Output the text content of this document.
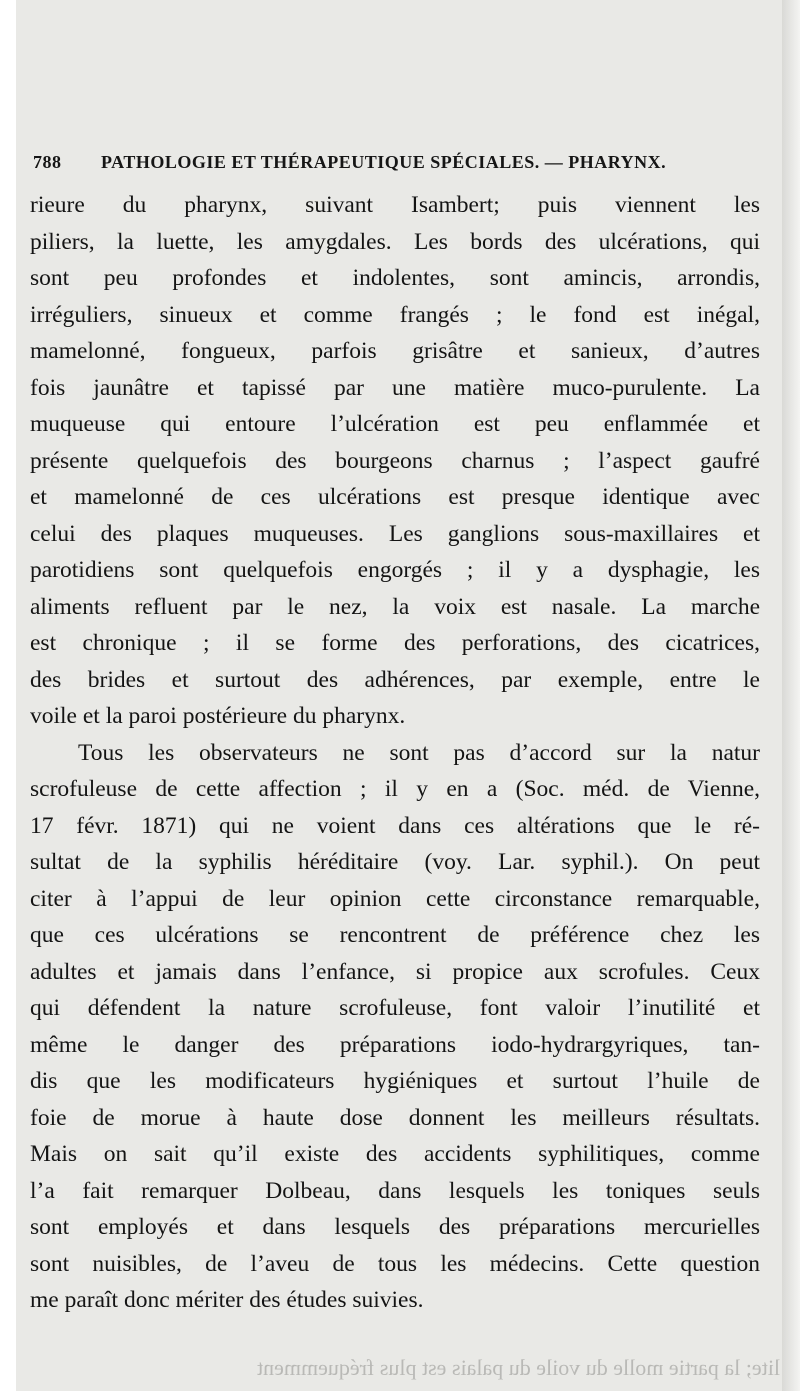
788 PATHOLOGIE ET THÉRAPEUTIQUE SPÉCIALES. — PHARYNX.

rieure du pharynx, suivant Isambert; puis viennent les
piliers, la luette, les amygdales. Les bords des ulcérations, qui
sont peu profondes et indolentes, sont amincis, arrondis,
irréguliers, sinueux et comme frangés ; le fond est inégal,
mamelonné, fongueux, parfois grisâtre et sanieux, d’autres
fois jaunâtre et tapissé par une matière muco-purulente. La
muqueuse qui entoure l’ulcération est peu enflammée et
présente quelquefois des bourgeons charnus ; l’aspect gaufré
et mamelonné de ces ulcérations est presque identique avec
celui des plaques muqueuses. Les ganglions sous-maxillaires et
parotidiens sont quelquefois engorgés ; il y a dysphagie, les
aliments refluent par le nez, la voix est nasale. La marche
est chronique ; il se forme des perforations, des cicatrices,
des brides et surtout des adhérences, par exemple, entre le
voile et la paroi postérieure du pharynx.

Tous les observateurs ne sont pas d’accord sur la natur
scrofuleuse de cette affection ; il y en a (Soc. méd. de Vienne,
17 févr. 1871) qui ne voient dans ces altérations que le ré-
sultat de la syphilis héréditaire (voy. Lar. syphil.). On peut
citer à l’appui de leur opinion cette circonstance remarquable,
que ces ulcérations se rencontrent de préférence chez les
adultes et jamais dans l’enfance, si propice aux scrofules. Ceux
qui défendent la nature scrofuleuse, font valoir l’inutilité et
même le danger des préparations iodo-hydrargyriques, tan-
dis que les modificateurs hygiéniques et surtout l’huile de
foie de morue à haute dose donnent les meilleurs résultats.
Mais on sait qu’il existe des accidents syphilitiques, comme
l’a fait remarquer Dolbeau, dans lesquels les toniques seuls
sont employés et dans lesquels des préparations mercurielles
sont nuisibles, de l’aveu de tous les médecins. Cette question
me paraît donc mériter des études suivies.

lite; la partie molle du voile du palais est plus fréquemment
